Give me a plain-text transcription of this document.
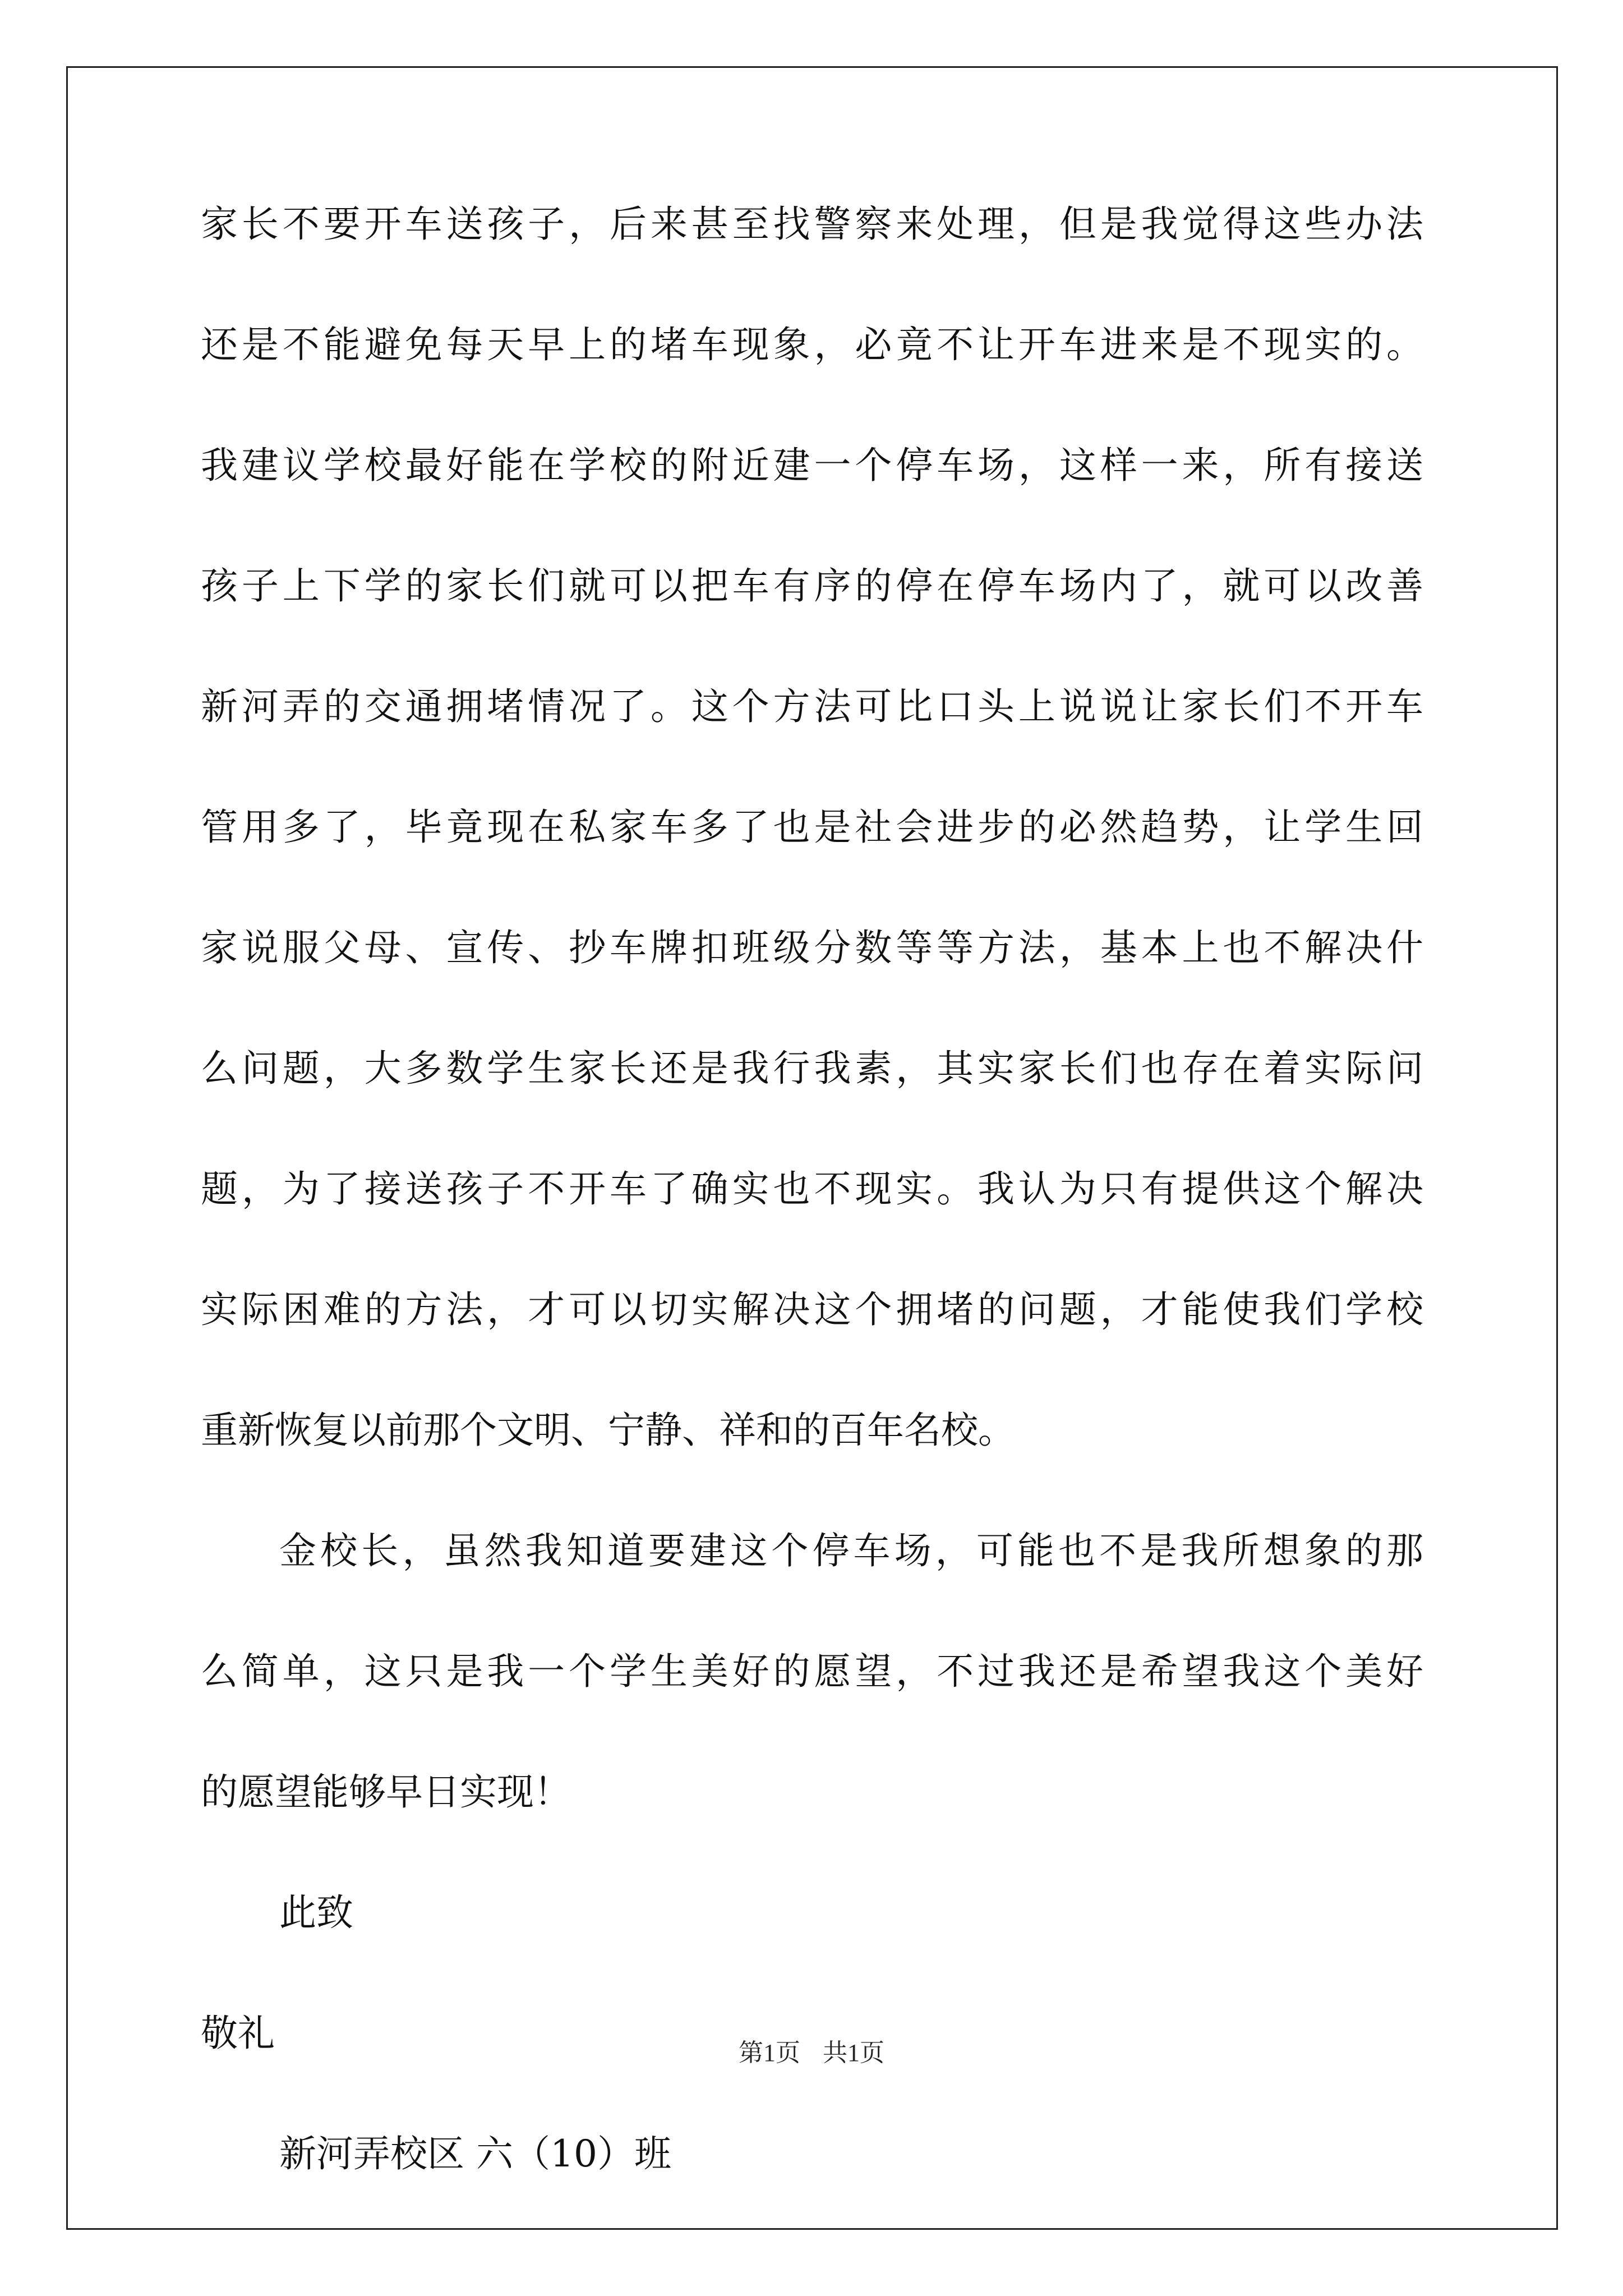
家长不要开车送孩子，后来甚至找警察来处理，但是我觉得这些办法
还是不能避免每天早上的堵车现象，必竟不让开车进来是不现实的。
我建议学校最好能在学校的附近建一个停车场，这样一来，所有接送
孩子上下学的家长们就可以把车有序的停在停车场内了，就可以改善
新河弄的交通拥堵情况了。这个方法可比口头上说说让家长们不开车
管用多了，毕竟现在私家车多了也是社会进步的必然趋势，让学生回
家说服父母、宣传、抄车牌扣班级分数等等方法，基本上也不解决什
么问题，大多数学生家长还是我行我素，其实家长们也存在着实际问
题，为了接送孩子不开车了确实也不现实。我认为只有提供这个解决
实际困难的方法，才可以切实解决这个拥堵的问题，才能使我们学校
重新恢复以前那个文明、宁静、祥和的百年名校。
金校长，虽然我知道要建这个停车场，可能也不是我所想象的那
么简单，这只是我一个学生美好的愿望，不过我还是希望我这个美好
的愿望能够早日实现！
此致
敬礼
新河弄校区 六（10）班
第1页 共1页
